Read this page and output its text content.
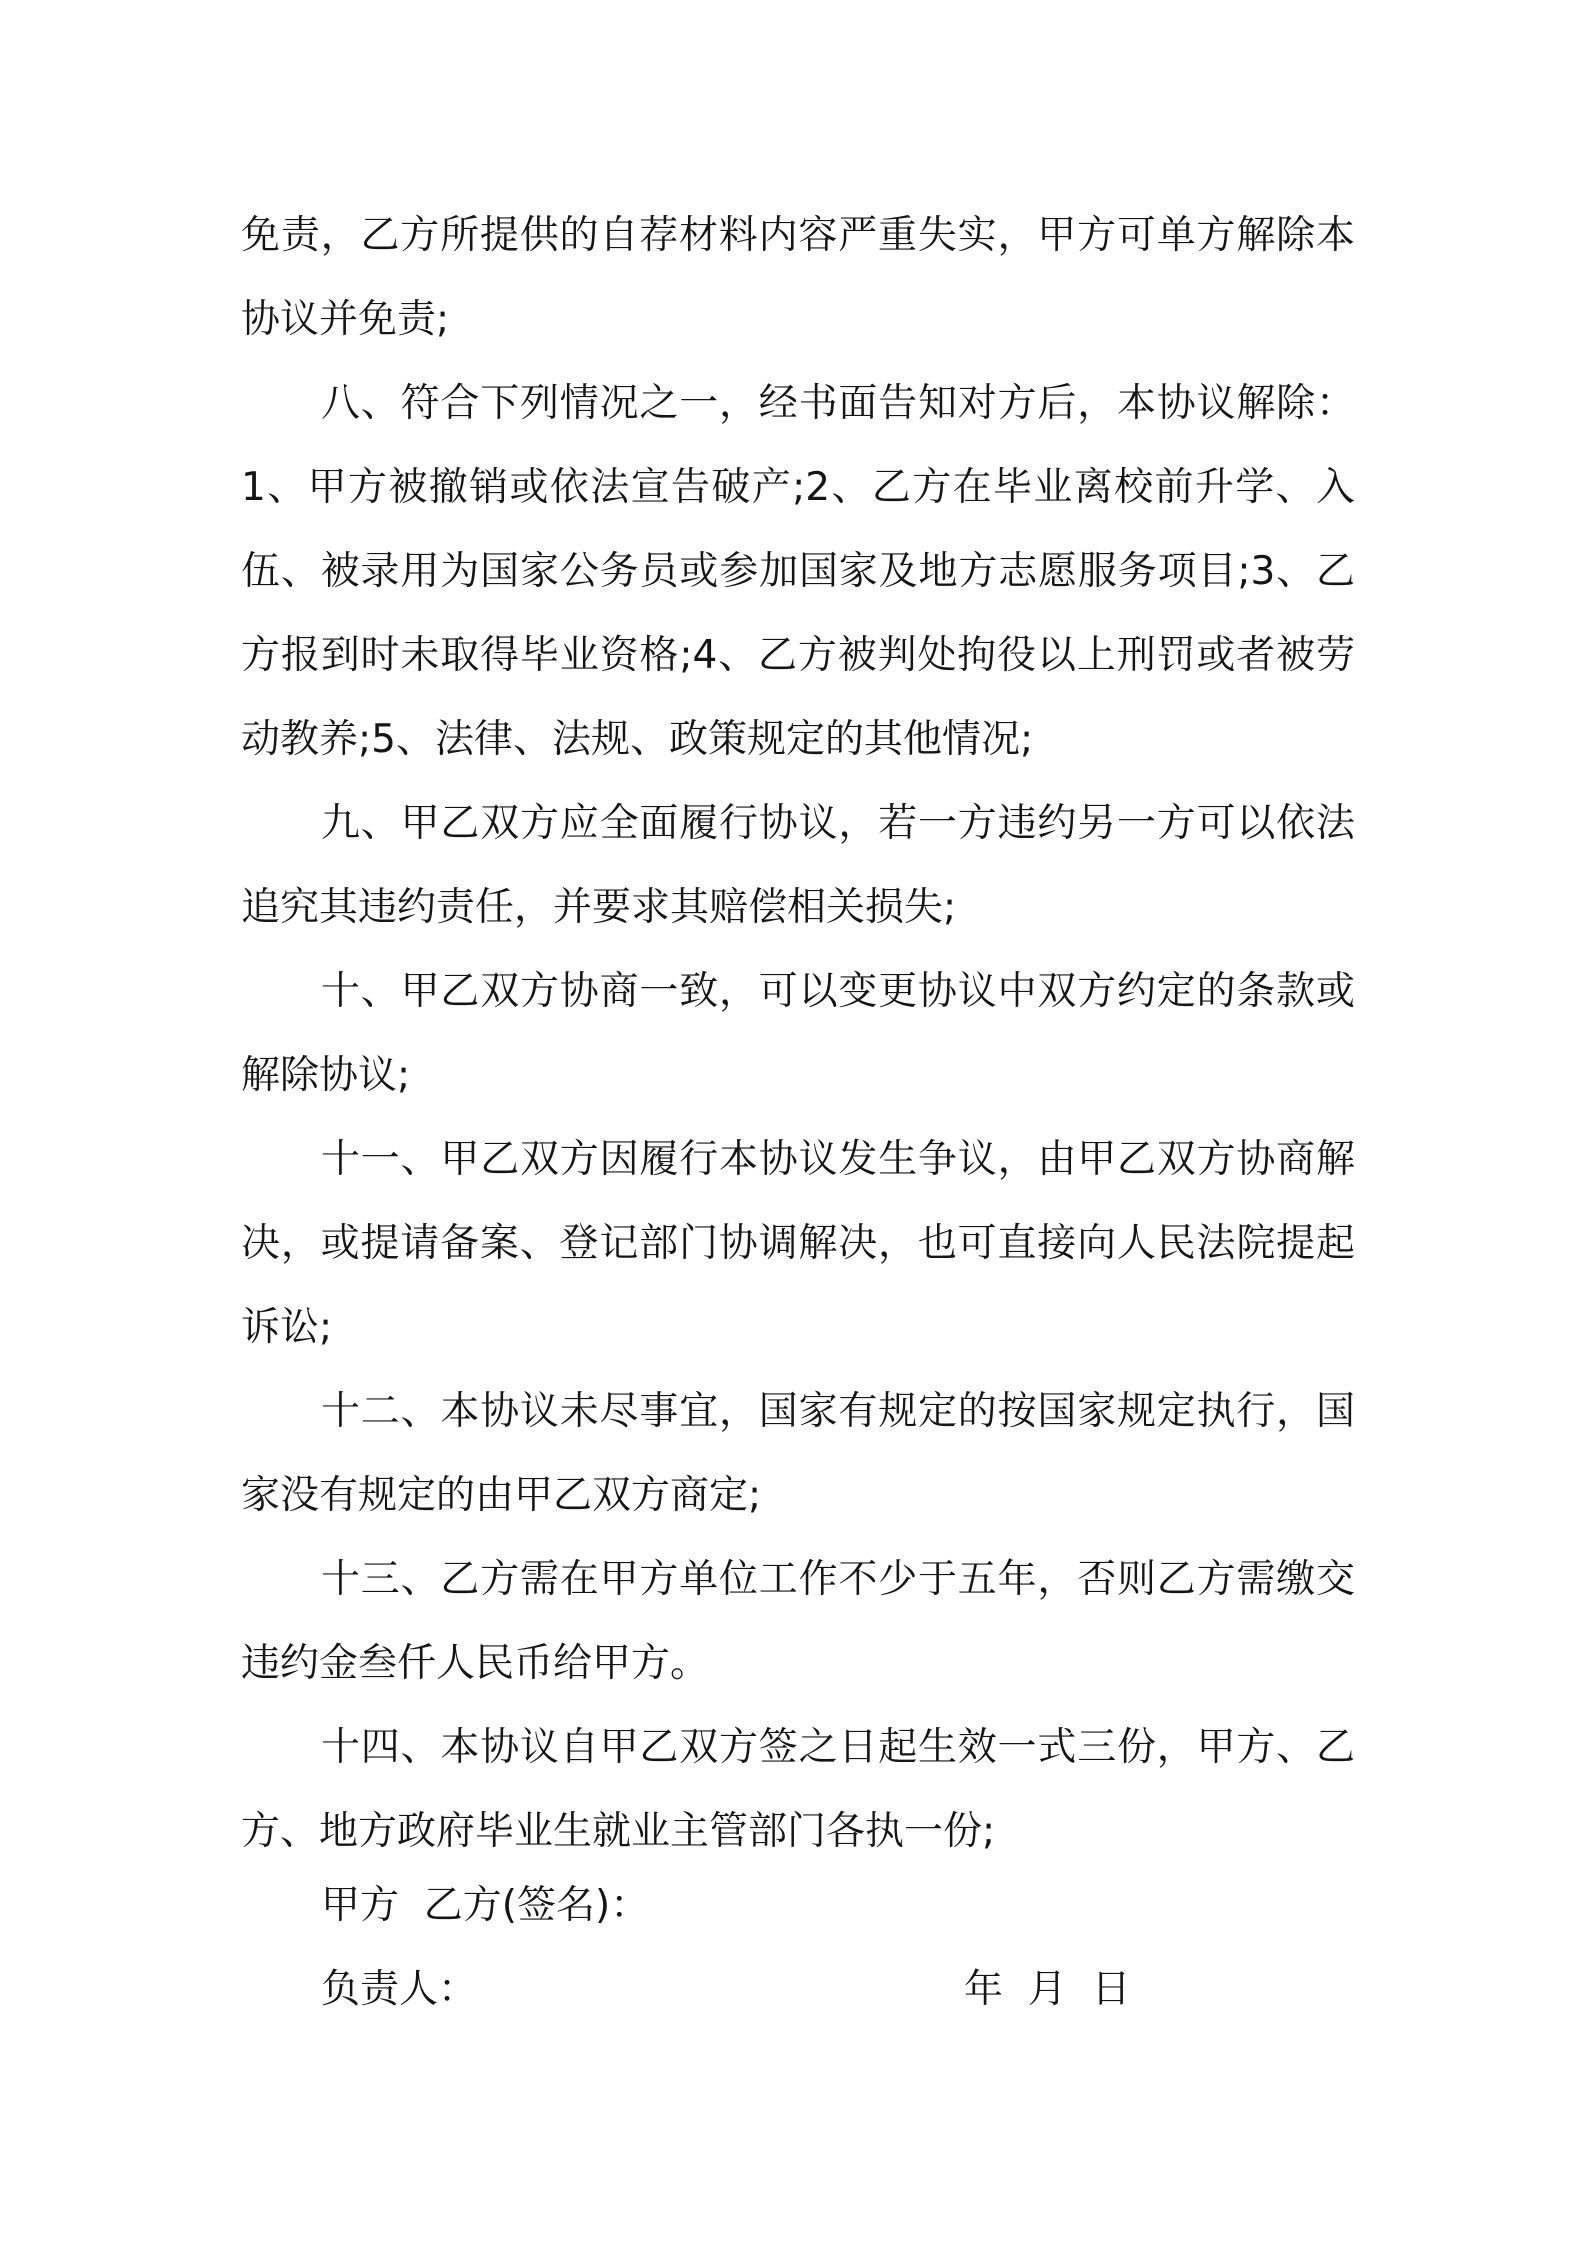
免责，乙方所提供的自荐材料内容严重失实，甲方可单方解除本协议并免责;

八、符合下列情况之一，经书面告知对方后，本协议解除：1、甲方被撤销或依法宣告破产;2、乙方在毕业离校前升学、入伍、被录用为国家公务员或参加国家及地方志愿服务项目;3、乙方报到时未取得毕业资格;4、乙方被判处拘役以上刑罚或者被劳动教养;5、法律、法规、政策规定的其他情况;

九、甲乙双方应全面履行协议，若一方违约另一方可以依法追究其违约责任，并要求其赔偿相关损失;

十、甲乙双方协商一致，可以变更协议中双方约定的条款或解除协议;

十一、甲乙双方因履行本协议发生争议，由甲乙双方协商解决，或提请备案、登记部门协调解决，也可直接向人民法院提起诉讼;

十二、本协议未尽事宜，国家有规定的按国家规定执行，国家没有规定的由甲乙双方商定;

十三、乙方需在甲方单位工作不少于五年，否则乙方需缴交违约金叁仟人民币给甲方。

十四、本协议自甲乙双方签之日起生效一式三份，甲方、乙方、地方政府毕业生就业主管部门各执一份;

甲方  乙方(签名)：
负责人：	年  月  日
